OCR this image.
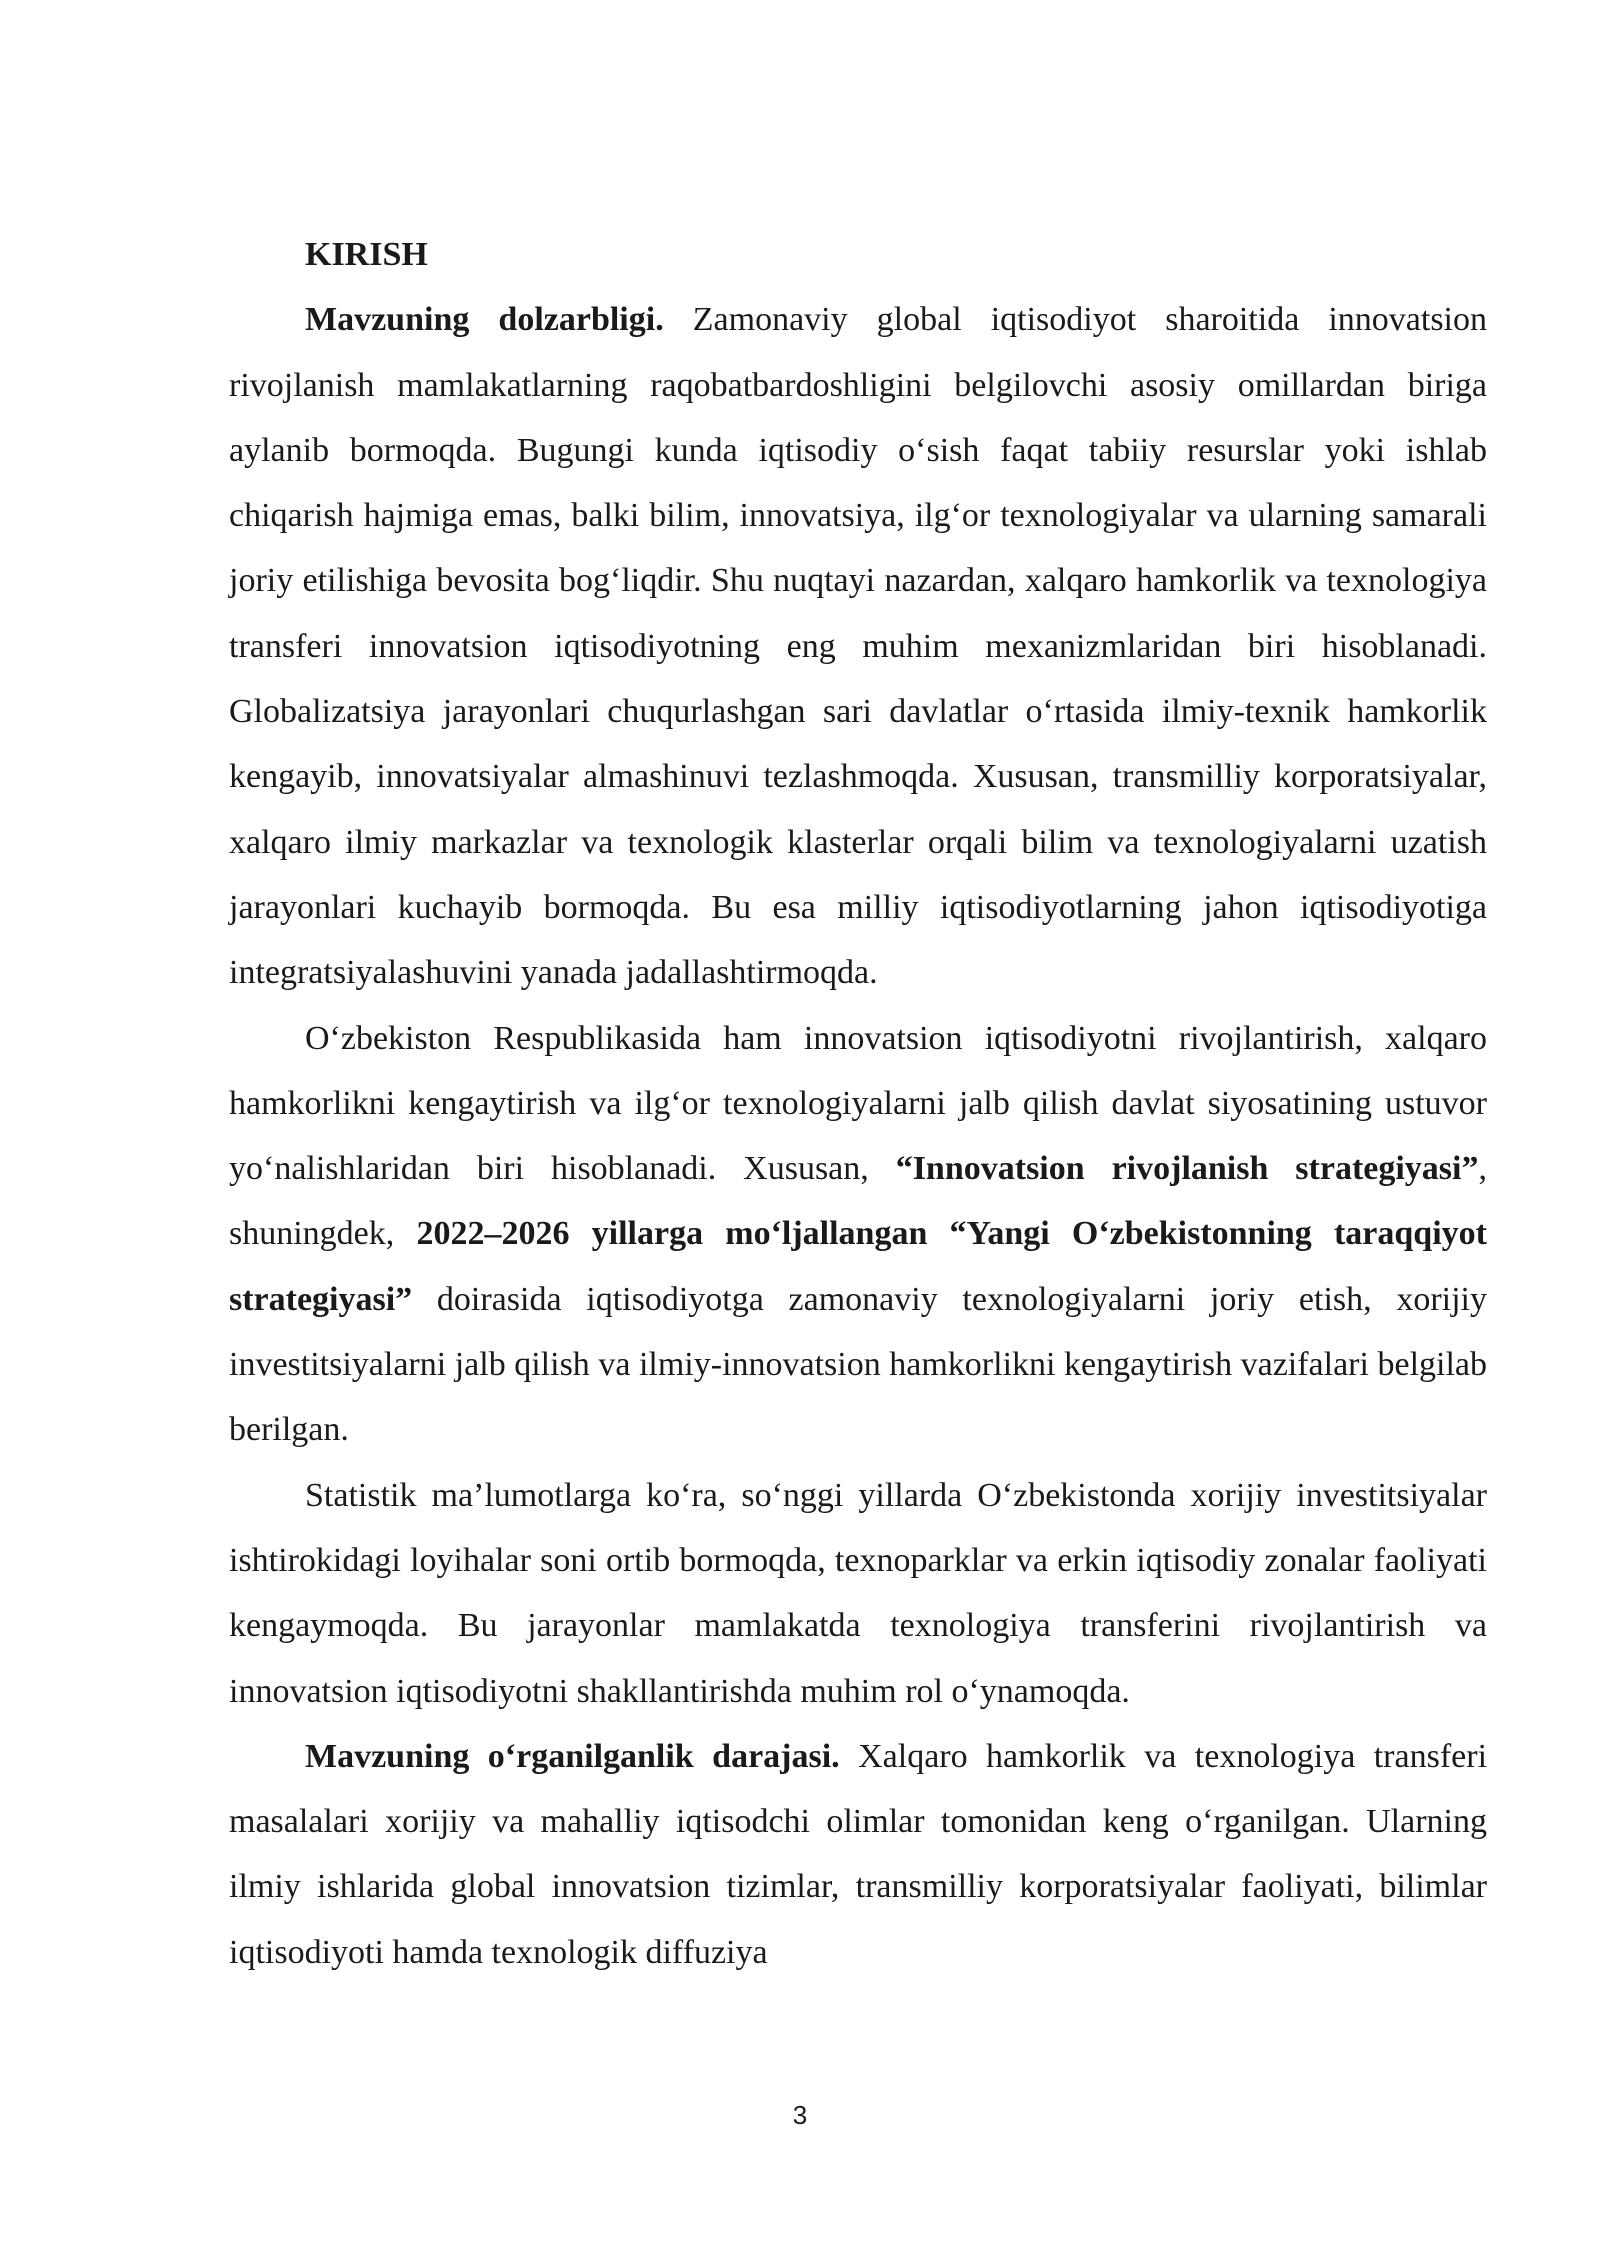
KIRISH

Mavzuning dolzarbligi. Zamonaviy global iqtisodiyot sharoitida innovatsion rivojlanish mamlakatlarning raqobatbardoshligini belgilovchi asosiy omillardan biriga aylanib bormoqda. Bugungi kunda iqtisodiy o‘sish faqat tabiiy resurslar yoki ishlab chiqarish hajmiga emas, balki bilim, innovatsiya, ilg‘or texnologiyalar va ularning samarali joriy etilishiga bevosita bog‘liqdir. Shu nuqtayi nazardan, xalqaro hamkorlik va texnologiya transferi innovatsion iqtisodiyotning eng muhim mexanizmlaridan biri hisoblanadi. Globalizatsiya jarayonlari chuqurlashgan sari davlatlar o‘rtasida ilmiy-texnik hamkorlik kengayib, innovatsiyalar almashinuvi tezlashmoqda. Xususan, transmilliy korporatsiyalar, xalqaro ilmiy markazlar va texnologik klasterlar orqali bilim va texnologiyalarni uzatish jarayonlari kuchayib bormoqda. Bu esa milliy iqtisodiyotlarning jahon iqtisodiyotiga integratsiyalashuvini yanada jadallashtirmoqda.

O‘zbekiston Respublikasida ham innovatsion iqtisodiyotni rivojlantirish, xalqaro hamkorlikni kengaytirish va ilg‘or texnologiyalarni jalb qilish davlat siyosatining ustuvor yo‘nalishlaridan biri hisoblanadi. Xususan, “Innovatsion rivojlanish strategiyasi”, shuningdek, 2022–2026 yillarga mo‘ljallangan “Yangi O‘zbekistonning taraqqiyot strategiyasi” doirasida iqtisodiyotga zamonaviy texnologiyalarni joriy etish, xorijiy investitsiyalarni jalb qilish va ilmiy-innovatsion hamkorlikni kengaytirish vazifalari belgilab berilgan.

Statistik ma’lumotlarga ko‘ra, so‘nggi yillarda O‘zbekistonda xorijiy investitsiyalar ishtirokidagi loyihalar soni ortib bormoqda, texnoparklar va erkin iqtisodiy zonalar faoliyati kengaymoqda. Bu jarayonlar mamlakatda texnologiya transferini rivojlantirish va innovatsion iqtisodiyotni shakllantirishda muhim rol o‘ynamoqda.

Mavzuning o‘rganilganlik darajasi. Xalqaro hamkorlik va texnologiya transferi masalalari xorijiy va mahalliy iqtisodchi olimlar tomonidan keng o‘rganilgan. Ularning ilmiy ishlarida global innovatsion tizimlar, transmilliy korporatsiyalar faoliyati, bilimlar iqtisodiyoti hamda texnologik diffuziya

3
